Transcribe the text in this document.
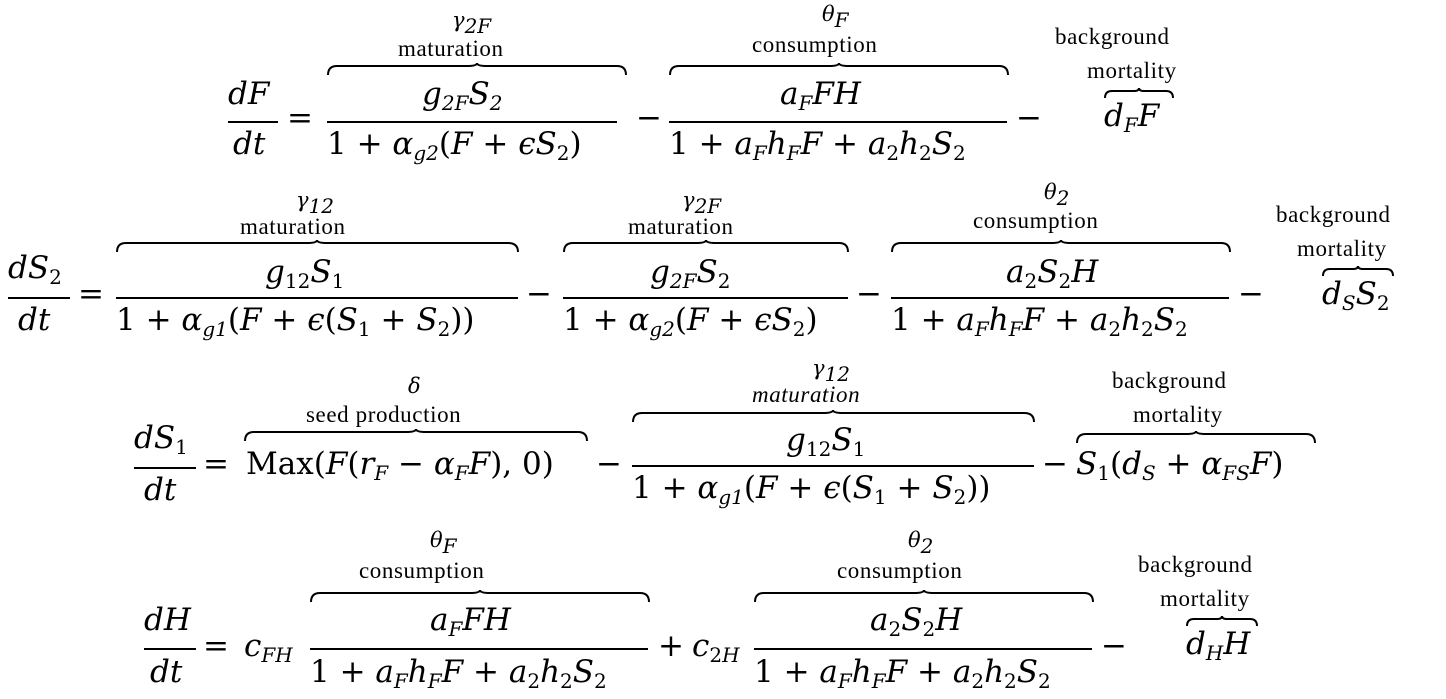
dF
dt
=
$\gamma_{2F}$
maturation
$g_{2F}S_2$
$1 + \alpha_{g2}(F + \epsilon S_2)$
−
$\theta_F$
consumption
$a_FFH$
$1 + a_Fh_FF + a_2h_2S_2$
−
background
mortality
$d_FF$
$dS_2$
dt
=
$\gamma_{12}$
maturation
$g_{12}S_1$
$1 + \alpha_{g1}(F + \epsilon(S_1 + S_2))$
−
$\gamma_{2F}$
maturation
$g_{2F}S_2$
$1 + \alpha_{g2}(F + \epsilon S_2)$
−
$\theta_2$
consumption
$a_2S_2H$
$1 + a_Fh_FF + a_2h_2S_2$
−
background
mortality
$d_SS_2$
$dS_1$
dt
=
δ
seed production
$Max(F(r_F - \alpha_FF)$, 0) −
$\gamma_{12}$
maturation
$g_{12}S_1$
$1 + \alpha_{g1}(F + \epsilon(S_1 + S_2))$
−
background
mortality
$S_1(d_S + \alpha_{FS}F)$
dH
dt
= $c_{FH}$
$\theta_F$
consumption
$a_FFH$
$1 + a_Fh_FF + a_2h_2S_2$
+ $c_{2H}$
$\theta_2$
consumption
$a_2S_2H$
$1 + a_Fh_FF + a_2h_2S_2$
−
background
mortality
$d_HH$
